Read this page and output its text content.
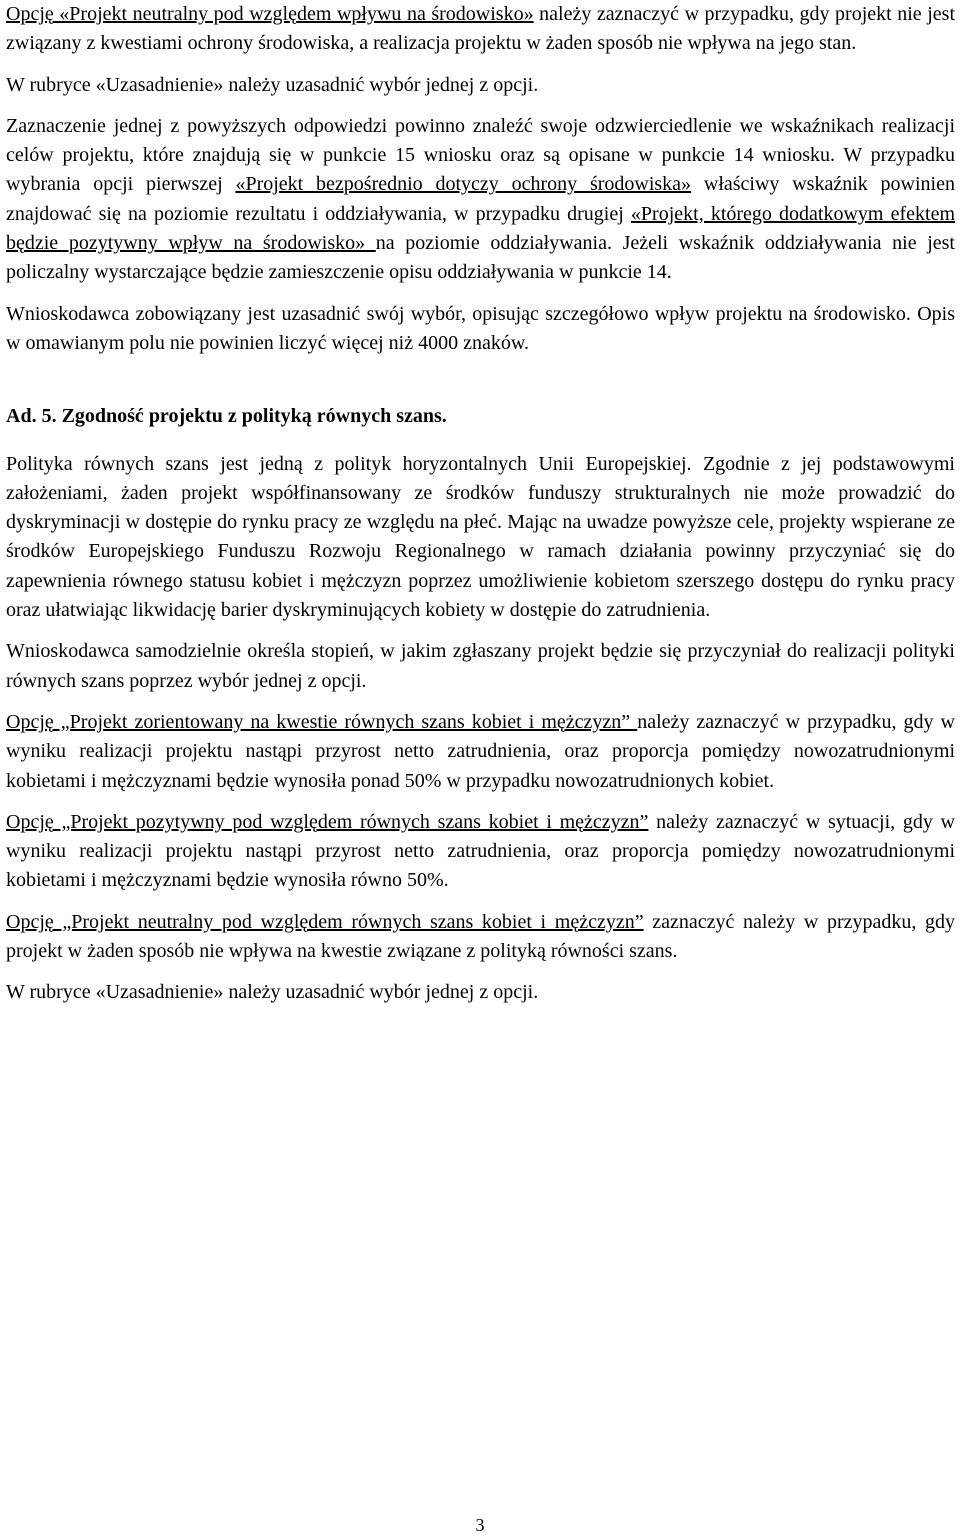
Opcję «Projekt neutralny pod względem wpływu na środowisko» należy zaznaczyć w przypadku, gdy projekt nie jest związany z kwestiami ochrony środowiska, a realizacja projektu w żaden sposób nie wpływa na jego stan.

W rubryce «Uzasadnienie» należy uzasadnić wybór jednej z opcji.

Zaznaczenie jednej z powyższych odpowiedzi powinno znaleźć swoje odzwierciedlenie we wskaźnikach realizacji celów projektu, które znajdują się w punkcie 15 wniosku oraz są opisane w punkcie 14 wniosku. W przypadku wybrania opcji pierwszej «Projekt bezpośrednio dotyczy ochrony środowiska» właściwy wskaźnik powinien znajdować się na poziomie rezultatu i oddziaływania, w przypadku drugiej «Projekt, którego dodatkowym efektem będzie pozytywny wpływ na środowisko» na poziomie oddziaływania. Jeżeli wskaźnik oddziaływania nie jest policzalny wystarczające będzie zamieszczenie opisu oddziaływania w punkcie 14.

Wnioskodawca zobowiązany jest uzasadnić swój wybór, opisując szczegółowo wpływ projektu na środowisko. Opis w omawianym polu nie powinien liczyć więcej niż 4000 znaków.

Ad. 5. Zgodność projektu z polityką równych szans.

Polityka równych szans jest jedną z polityk horyzontalnych Unii Europejskiej. Zgodnie z jej podstawowymi założeniami, żaden projekt współfinansowany ze środków funduszy strukturalnych nie może prowadzić do dyskryminacji w dostępie do rynku pracy ze względu na płeć. Mając na uwadze powyższe cele, projekty wspierane ze środków Europejskiego Funduszu Rozwoju Regionalnego w ramach działania powinny przyczyniać się do zapewnienia równego statusu kobiet i mężczyzn poprzez umożliwienie kobietom szerszego dostępu do rynku pracy oraz ułatwiając likwidację barier dyskryminujących kobiety w dostępie do zatrudnienia.

Wnioskodawca samodzielnie określa stopień, w jakim zgłaszany projekt będzie się przyczyniał do realizacji polityki równych szans poprzez wybór jednej z opcji.

Opcję „Projekt zorientowany na kwestie równych szans kobiet i mężczyzn” należy zaznaczyć w przypadku, gdy w wyniku realizacji projektu nastąpi przyrost netto zatrudnienia, oraz proporcja pomiędzy nowozatrudnionymi kobietami i mężczyznami będzie wynosiła ponad 50% w przypadku nowozatrudnionych kobiet.

Opcję „Projekt pozytywny pod względem równych szans kobiet i mężczyzn” należy zaznaczyć w sytuacji, gdy w wyniku realizacji projektu nastąpi przyrost netto zatrudnienia, oraz proporcja pomiędzy nowozatrudnionymi kobietami i mężczyznami będzie wynosiła równo 50%.

Opcję „Projekt neutralny pod względem równych szans kobiet i mężczyzn” zaznaczyć należy w przypadku, gdy projekt w żaden sposób nie wpływa na kwestie związane z polityką równości szans.

W rubryce «Uzasadnienie» należy uzasadnić wybór jednej z opcji.

3
